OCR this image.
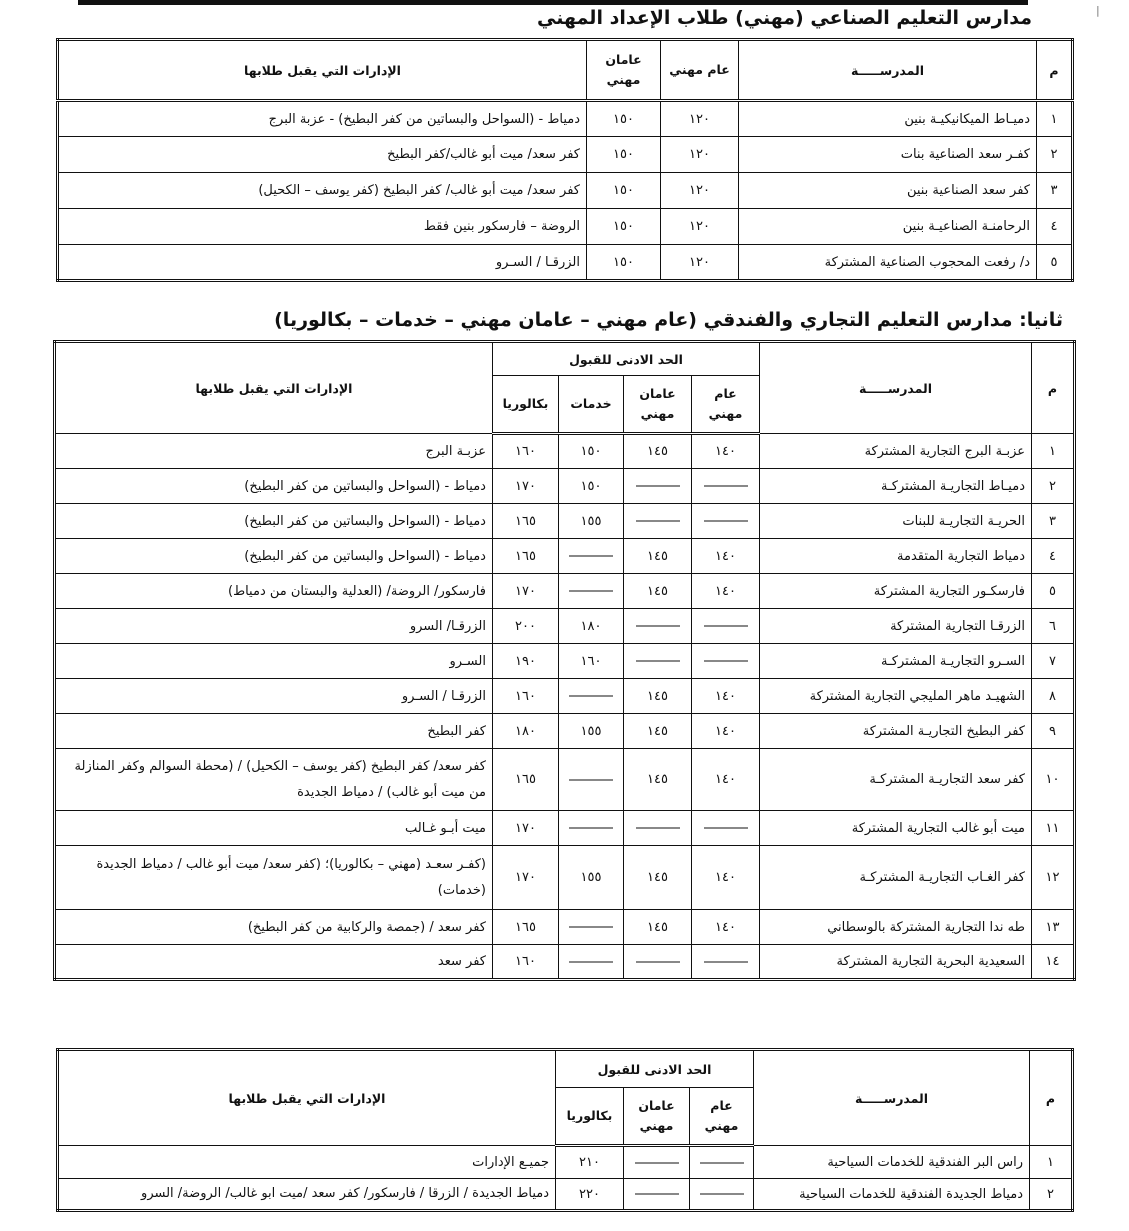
|
مدارس التعليم الصناعي (مهني) طلاب الإعداد المهني
م	المدرســـــة	عام مهني	عامان مهني	الإدارات التي يقبل طلابها
١	دميـاط الميكانيكيـة بنين	١٢٠	١٥٠	دمياط - (السواحل والبساتين من كفر البطيخ) - عزبة البرج
٢	كفـر سعد الصناعية بنات	١٢٠	١٥٠	كفر سعد/ ميت أبو غالب/كفر البطيخ
٣	كفر سعد الصناعية بنين	١٢٠	١٥٠	كفر سعد/ ميت أبو غالب/ كفر البطيخ (كفر يوسف – الكحيل)
٤	الرحامنـة الصناعيـة بنين	١٢٠	١٥٠	الروضة – فارسكور بنين فقط
٥	د/ رفعت المحجوب الصناعية المشتركة	١٢٠	١٥٠	الزرقـا / السـرو
ثانيا: مدارس التعليم التجاري والفندقي (عام مهني – عامان مهني – خدمات – بكالوريا)
م	المدرســـــة	الحد الادنى للقبول				الإدارات التي يقبل طلابها
		عام مهني	عامان مهني	خدمات	بكالوريا	
١	عزبـة البرج التجارية المشتركة	١٤٠	١٤٥	١٥٠	١٦٠	عزبـة البرج
٢	دميـاط التجاريـة المشتركـة			١٥٠	١٧٠	دمياط - (السواحل والبساتين من كفر البطيخ)
٣	الحريـة التجاريـة للبنات			١٥٥	١٦٥	دمياط - (السواحل والبساتين من كفر البطيخ)
٤	دمياط التجارية المتقدمة	١٤٠	١٤٥		١٦٥	دمياط - (السواحل والبساتين من كفر البطيخ)
٥	فارسكـور التجارية المشتركة	١٤٠	١٤٥		١٧٠	فارسكور/ الروضة/ (العدلية والبستان من دمياط)
٦	الزرقـا التجارية المشتركة			١٨٠	٢٠٠	الزرقـا/ السرو
٧	السـرو التجاريـة المشتركـة			١٦٠	١٩٠	السـرو
٨	الشهيـد ماهر المليجي التجارية المشتركة	١٤٠	١٤٥		١٦٠	الزرقـا / السـرو
٩	كفر البطيخ التجاريـة المشتركة	١٤٠	١٤٥	١٥٥	١٨٠	كفر البطيخ
١٠	كفر سعد التجاريـة المشتركـة	١٤٠	١٤٥		١٦٥	كفر سعد/ كفر البطيخ (كفر يوسف – الكحيل) / (محطة السوالم وكفر المنازلة من ميت أبو غالب) / دمياط الجديدة
١١	ميت أبو غالب التجارية المشتركة				١٧٠	ميت أبـو غـالب
١٢	كفر الغـاب التجاريـة المشتركـة	١٤٠	١٤٥	١٥٥	١٧٠	(كفـر سعـد (مهني – بكالوريا)؛ (كفر سعد/ ميت أبو غالب / دمياط الجديدة (خدمات)
١٣	طه ندا التجارية المشتركة بالوسطاني	١٤٠	١٤٥		١٦٥	كفر سعد / (جمصة والركابية من كفر البطيخ)
١٤	السعيدية البحرية التجارية المشتركة				١٦٠	كفر سعد
م	المدرســـــة	الحد الادنى للقبول			الإدارات التي يقبل طلابها
		عام مهني	عامان مهني	بكالوريا	
١	راس البر الفندقية للخدمات السياحية			٢١٠	جميـع الإدارات
٢	دمياط الجديدة الفندقية للخدمات السياحية			٢٢٠	دمياط الجديدة / الزرقا / فارسكور/ كفر سعد /ميت ابو غالب/ الروضة/ السرو
